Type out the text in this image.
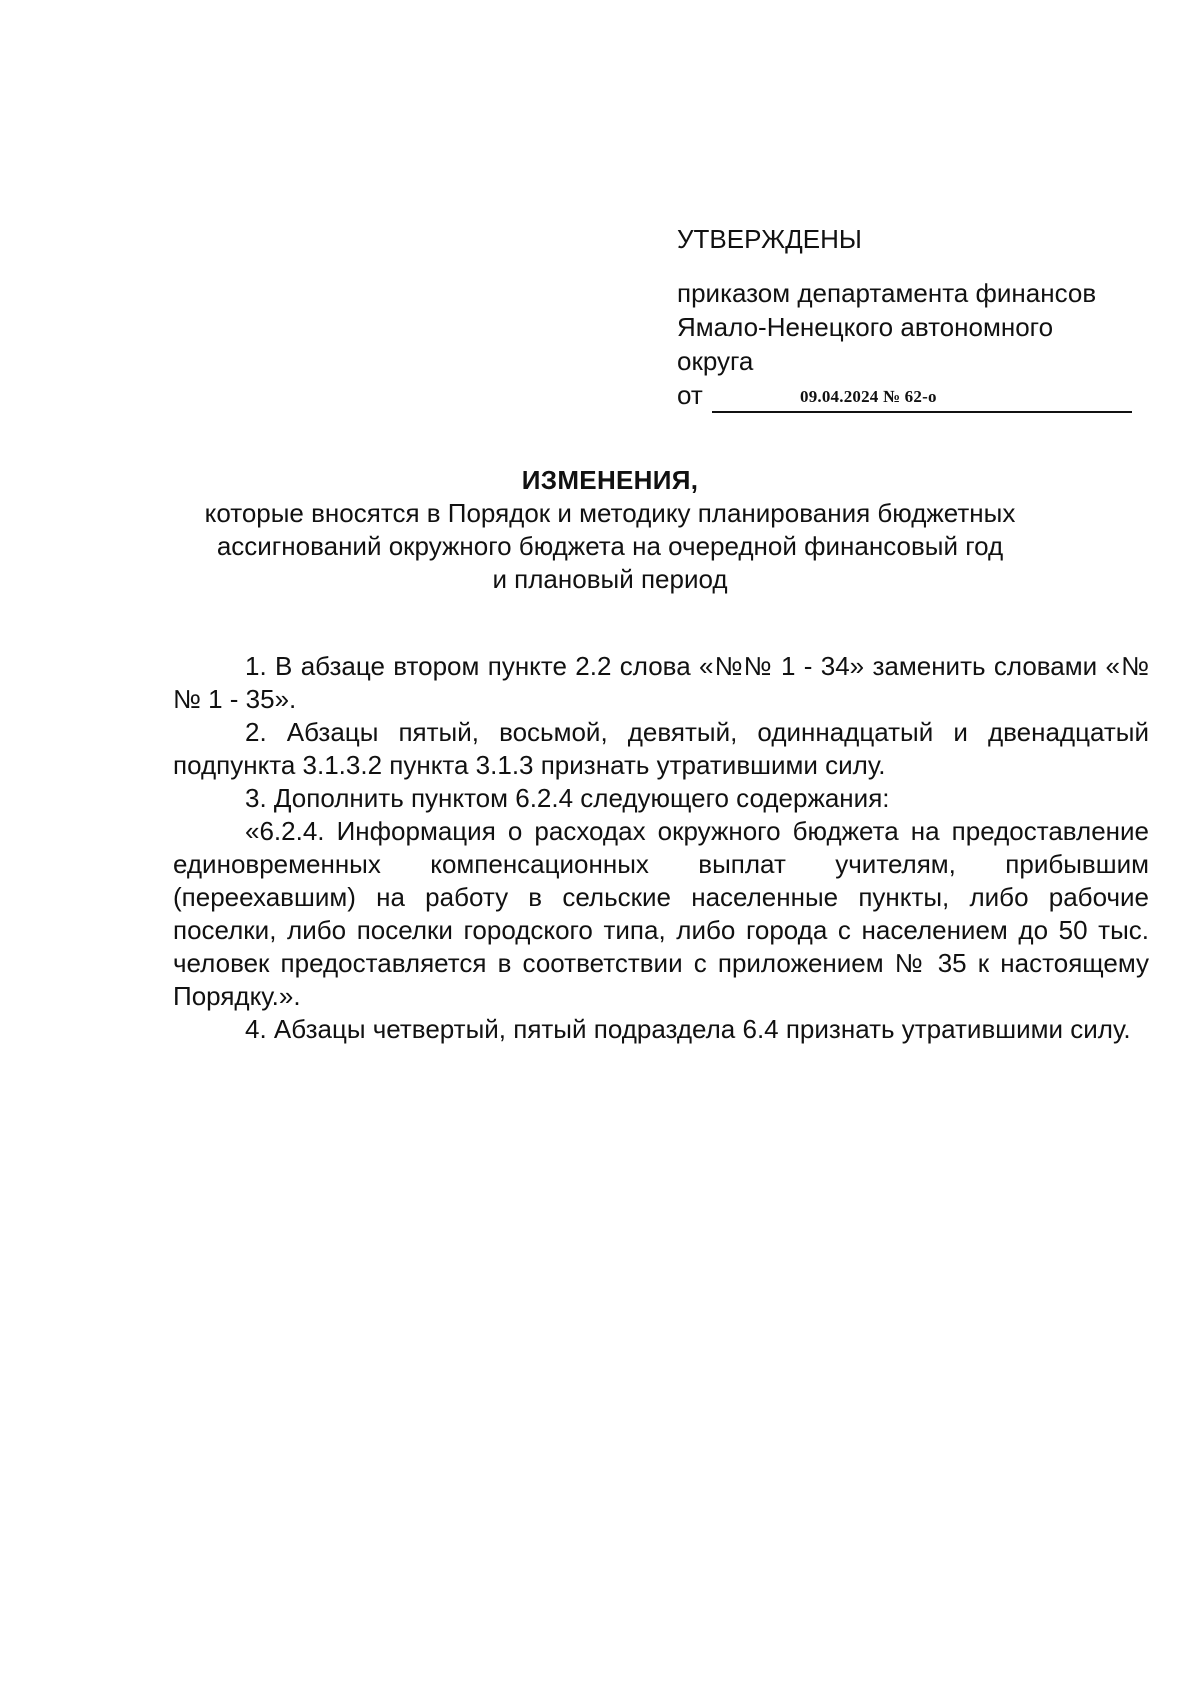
УТВЕРЖДЕНЫ
приказом департамента финансов
Ямало-Ненецкого автономного
округа
от	09.04.2024 № 62-о

ИЗМЕНЕНИЯ,

которые вносятся в Порядок и методику планирования бюджетных
ассигнований окружного бюджета на очередной финансовый год
и плановый период

1. В абзаце втором пункте 2.2 слова «№№ 1 - 34» заменить словами «№№ 1 - 35».

2. Абзацы пятый, восьмой, девятый, одиннадцатый и двенадцатый подпункта 3.1.3.2 пункта 3.1.3 признать утратившими силу.

3. Дополнить пунктом 6.2.4 следующего содержания:

«6.2.4. Информация о расходах окружного бюджета на предоставление единовременных компенсационных выплат учителям, прибывшим (переехавшим) на работу в сельские населенные пункты, либо рабочие поселки, либо поселки городского типа, либо города с населением до 50 тыс. человек предоставляется в соответствии с приложением № 35 к настоящему Порядку.».

4. Абзацы четвертый, пятый подраздела 6.4 признать утратившими силу.
